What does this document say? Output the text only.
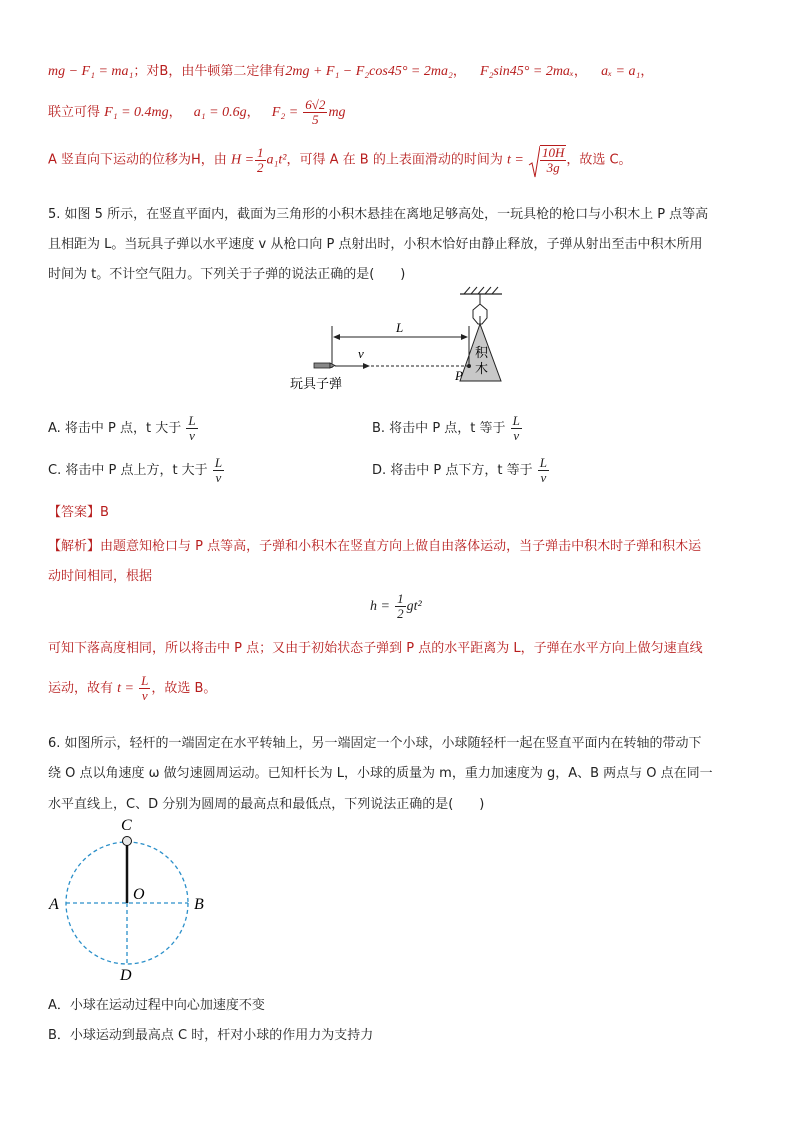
mg − F₁ = ma₁；对B，由牛顿第二定律有2mg + F₁ − F₂cos45° = 2ma₂， F₂sin45° = 2maₓ， aₓ = a₁，
联立可得 F₁ = 0.4mg， a₁ = 0.6g， $F_2 = \frac{6√2}{5}$ mg
A 竖直向下运动的位移为H，由 $H = \frac{1}{2} a_1t^2$，可得 A 在 B 的上表面滑动的时间为 $t = \frac{10H}{3g}$ ，故选 C。
5. 如图 5 所示，在竖直平面内，截面为三角形的小积木悬挂在离地足够高处，一玩具枪的枪口与小积木上 P 点等高
且相距为 L。当玩具子弹以水平速度 v 从枪口向 P 点射出时，小积木恰好由静止释放，子弹从射出至击中积木所用
时间为 t。不计空气阻力。下列关于子弹的说法正确的是(　　)
积
木
P
L
v
玩具子弹
A. 将击中 P 点，t 大于 $\frac{L}{v}$	B. 将击中 P 点，t 等于 $\frac{L}{v}$
C. 将击中 P 点上方，t 大于 $\frac{L}{v}$	D. 将击中 P 点下方，t 等于 $\frac{L}{v}$
【答案】B
【解析】由题意知枪口与 P 点等高，子弹和小积木在竖直方向上做自由落体运动，当子弹击中积木时子弹和积木运
动时间相同，根据
$h = \frac{1}{2} gt^2$
可知下落高度相同，所以将击中 P 点；又由于初始状态子弹到 P 点的水平距离为 L，子弹在水平方向上做匀速直线
运动，故有 $t = \frac{L}{v}$ ，故选 B。
6. 如图所示，轻杆的一端固定在水平转轴上，另一端固定一个小球，小球随轻杆一起在竖直平面内在转轴的带动下
绕 O 点以角速度 ω 做匀速圆周运动。已知杆长为 L，小球的质量为 m，重力加速度为 g，A、B 两点与 O 点在同一
水平直线上，C、D 分别为圆周的最高点和最低点，下列说法正确的是(　　)
C
O
A	B
D
A．小球在运动过程中向心加速度不变
B．小球运动到最高点 C 时，杆对小球的作用力为支持力
